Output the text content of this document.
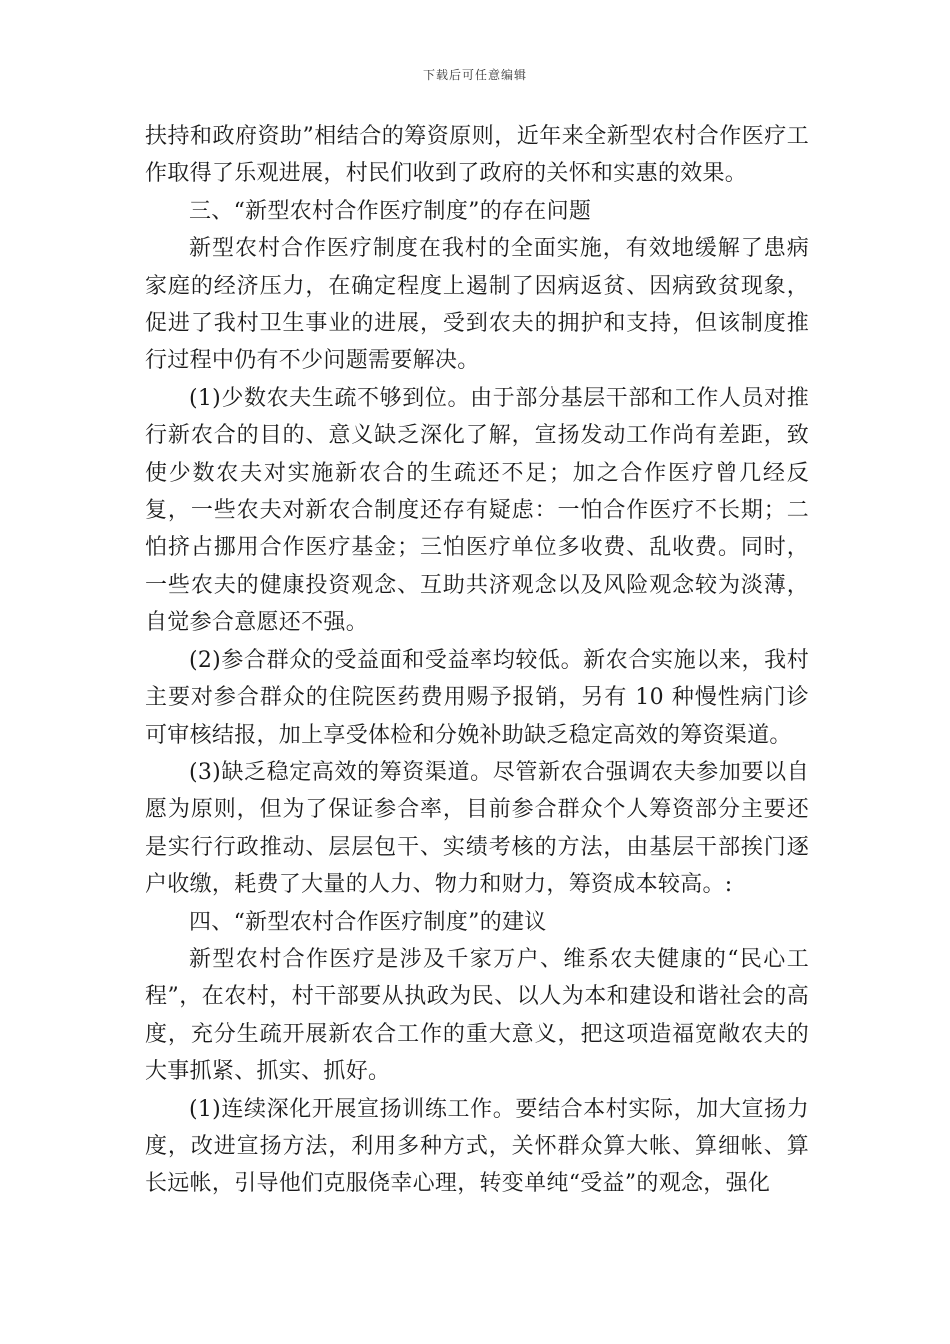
下载后可任意编辑

扶持和政府资助”相结合的筹资原则，近年来全新型农村合作医疗工作取得了乐观进展，村民们收到了政府的关怀和实惠的效果。

三、“新型农村合作医疗制度”的存在问题

新型农村合作医疗制度在我村的全面实施，有效地缓解了患病家庭的经济压力，在确定程度上遏制了因病返贫、因病致贫现象，促进了我村卫生事业的进展，受到农夫的拥护和支持，但该制度推行过程中仍有不少问题需要解决。

(1)少数农夫生疏不够到位。由于部分基层干部和工作人员对推行新农合的目的、意义缺乏深化了解，宣扬发动工作尚有差距，致使少数农夫对实施新农合的生疏还不足；加之合作医疗曾几经反复，一些农夫对新农合制度还存有疑虑：一怕合作医疗不长期；二怕挤占挪用合作医疗基金；三怕医疗单位多收费、乱收费。同时，一些农夫的健康投资观念、互助共济观念以及风险观念较为淡薄，自觉参合意愿还不强。

(2)参合群众的受益面和受益率均较低。新农合实施以来，我村主要对参合群众的住院医药费用赐予报销，另有 10 种慢性病门诊可审核结报，加上享受体检和分娩补助缺乏稳定高效的筹资渠道。

(3)缺乏稳定高效的筹资渠道。尽管新农合强调农夫参加要以自愿为原则，但为了保证参合率，目前参合群众个人筹资部分主要还是实行行政推动、层层包干、实绩考核的方法，由基层干部挨门逐户收缴，耗费了大量的人力、物力和财力，筹资成本较高。:

四、“新型农村合作医疗制度”的建议

新型农村合作医疗是涉及千家万户、维系农夫健康的“民心工程”，在农村，村干部要从执政为民、以人为本和建设和谐社会的高度，充分生疏开展新农合工作的重大意义，把这项造福宽敞农夫的大事抓紧、抓实、抓好。

(1)连续深化开展宣扬训练工作。要结合本村实际，加大宣扬力度，改进宣扬方法，利用多种方式，关怀群众算大帐、算细帐、算长远帐，引导他们克服侥幸心理，转变单纯“受益”的观念，强化
